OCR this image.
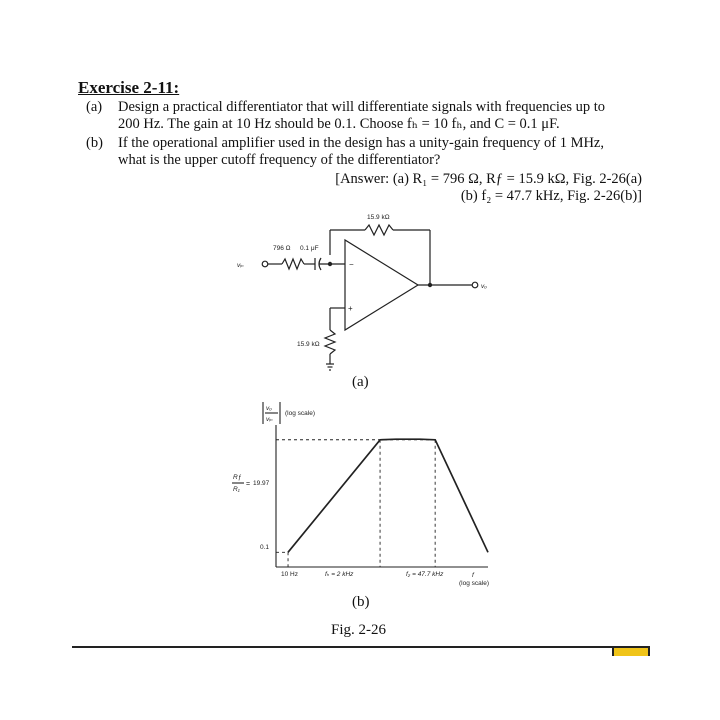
Exercise 2-11:
(a) Design a practical differentiator that will differentiate signals with frequencies up to
200 Hz. The gain at 10 Hz should be 0.1. Choose fₕ = 10 fₕ, and C = 0.1 μF.
(b) If the operational amplifier used in the design has a unity-gain frequency of 1 MHz,
what is the upper cutoff frequency of the differentiator?
[Answer: (a) R₁ = 796 Ω, Rƒ = 15.9 kΩ, Fig. 2-26(a)
(b) f₂ = 47.7 kHz, Fig. 2-26(b)]
15.9 kΩ
796 Ω 0.1 μF
15.9 kΩ
vᵢₙ
vₒ
−
+
(a)
vₒ
vᵢₙ
(log scale)
Rƒ
R₁
19.97
0.1
10 Hz	fₕ = 2 kHz	f₂ = 47.7 kHz	f
(log scale)
=
(b)
Fig. 2-26
